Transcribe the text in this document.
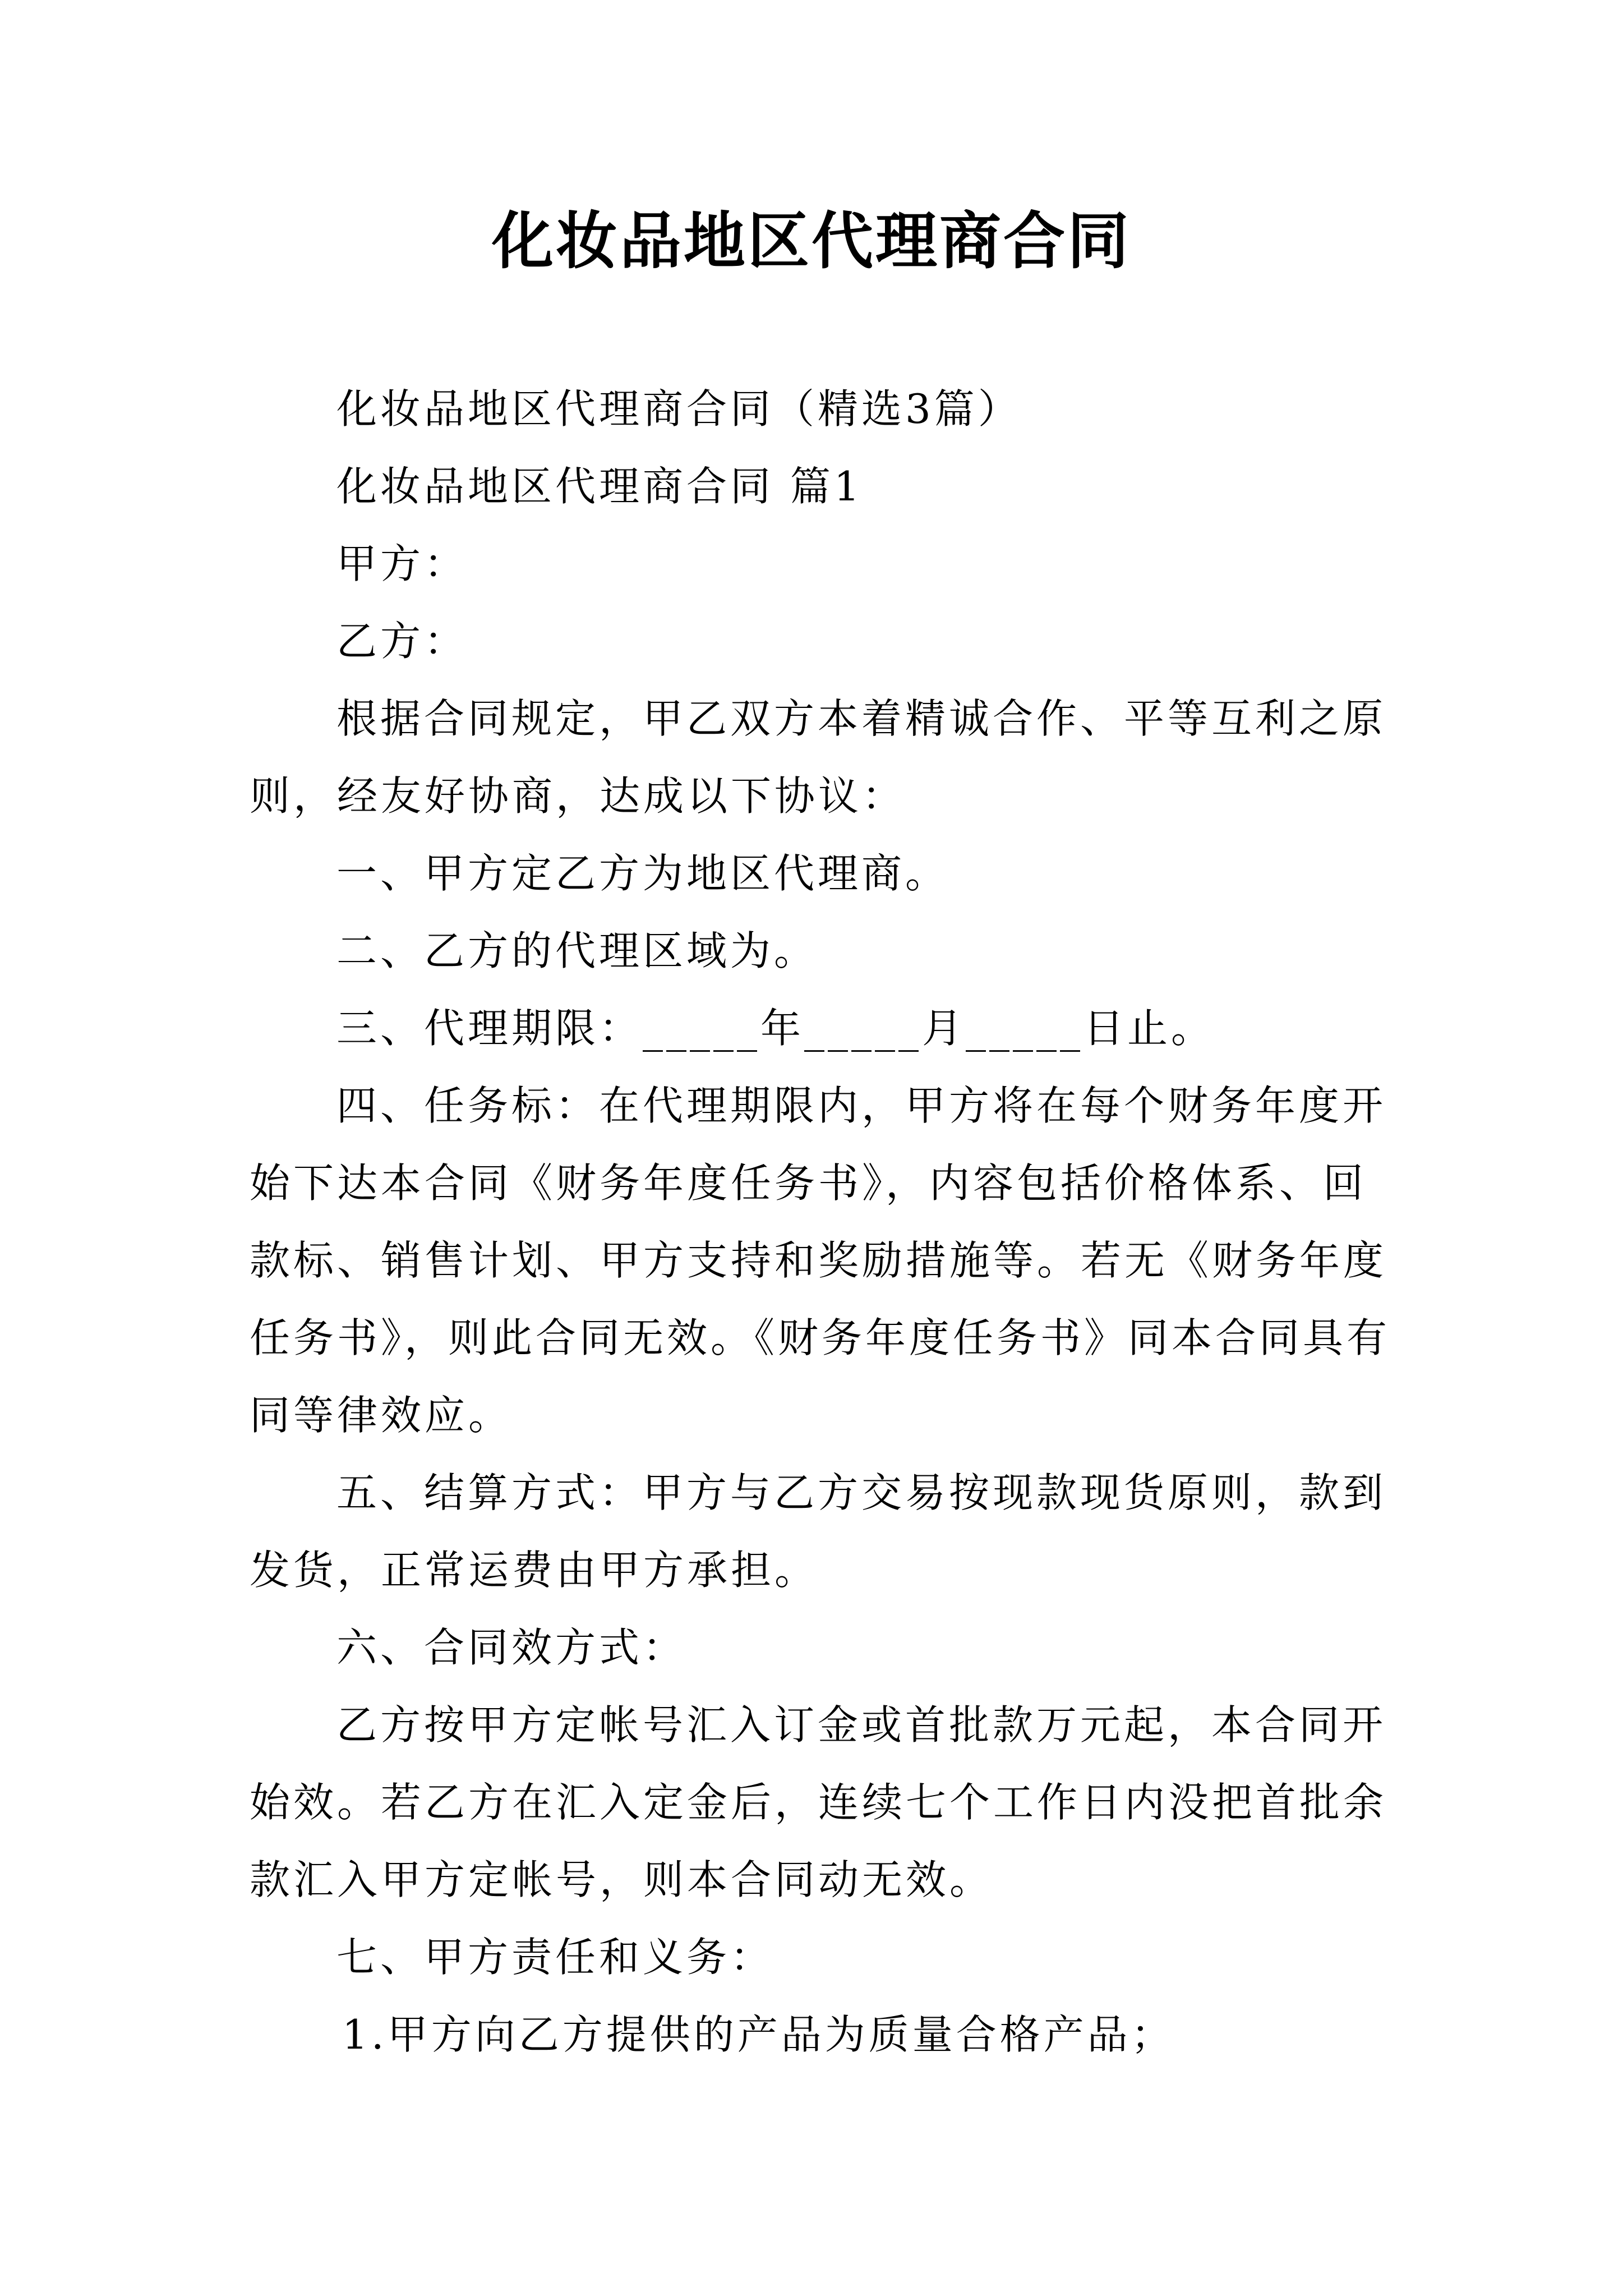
化妆品地区代理商合同
化妆品地区代理商合同（精选3篇）
化妆品地区代理商合同 篇1
甲方：
乙方：
根据合同规定，甲乙双方本着精诚合作、平等互利之原
则，经友好协商，达成以下协议：
一、甲方定乙方为地区代理商。
二、乙方的代理区域为。
三、代理期限：_____年_____月_____日止。
四、任务标：在代理期限内，甲方将在每个财务年度开
始下达本合同《财务年度任务书》，内容包括价格体系、回
款标、销售计划、甲方支持和奖励措施等。若无《财务年度
任务书》，则此合同无效。《财务年度任务书》同本合同具有
同等律效应。
五、结算方式：甲方与乙方交易按现款现货原则，款到
发货，正常运费由甲方承担。
六、合同效方式：
乙方按甲方定帐号汇入订金或首批款万元起，本合同开
始效。若乙方在汇入定金后，连续七个工作日内没把首批余
款汇入甲方定帐号，则本合同动无效。
七、甲方责任和义务：
1.甲方向乙方提供的产品为质量合格产品；
